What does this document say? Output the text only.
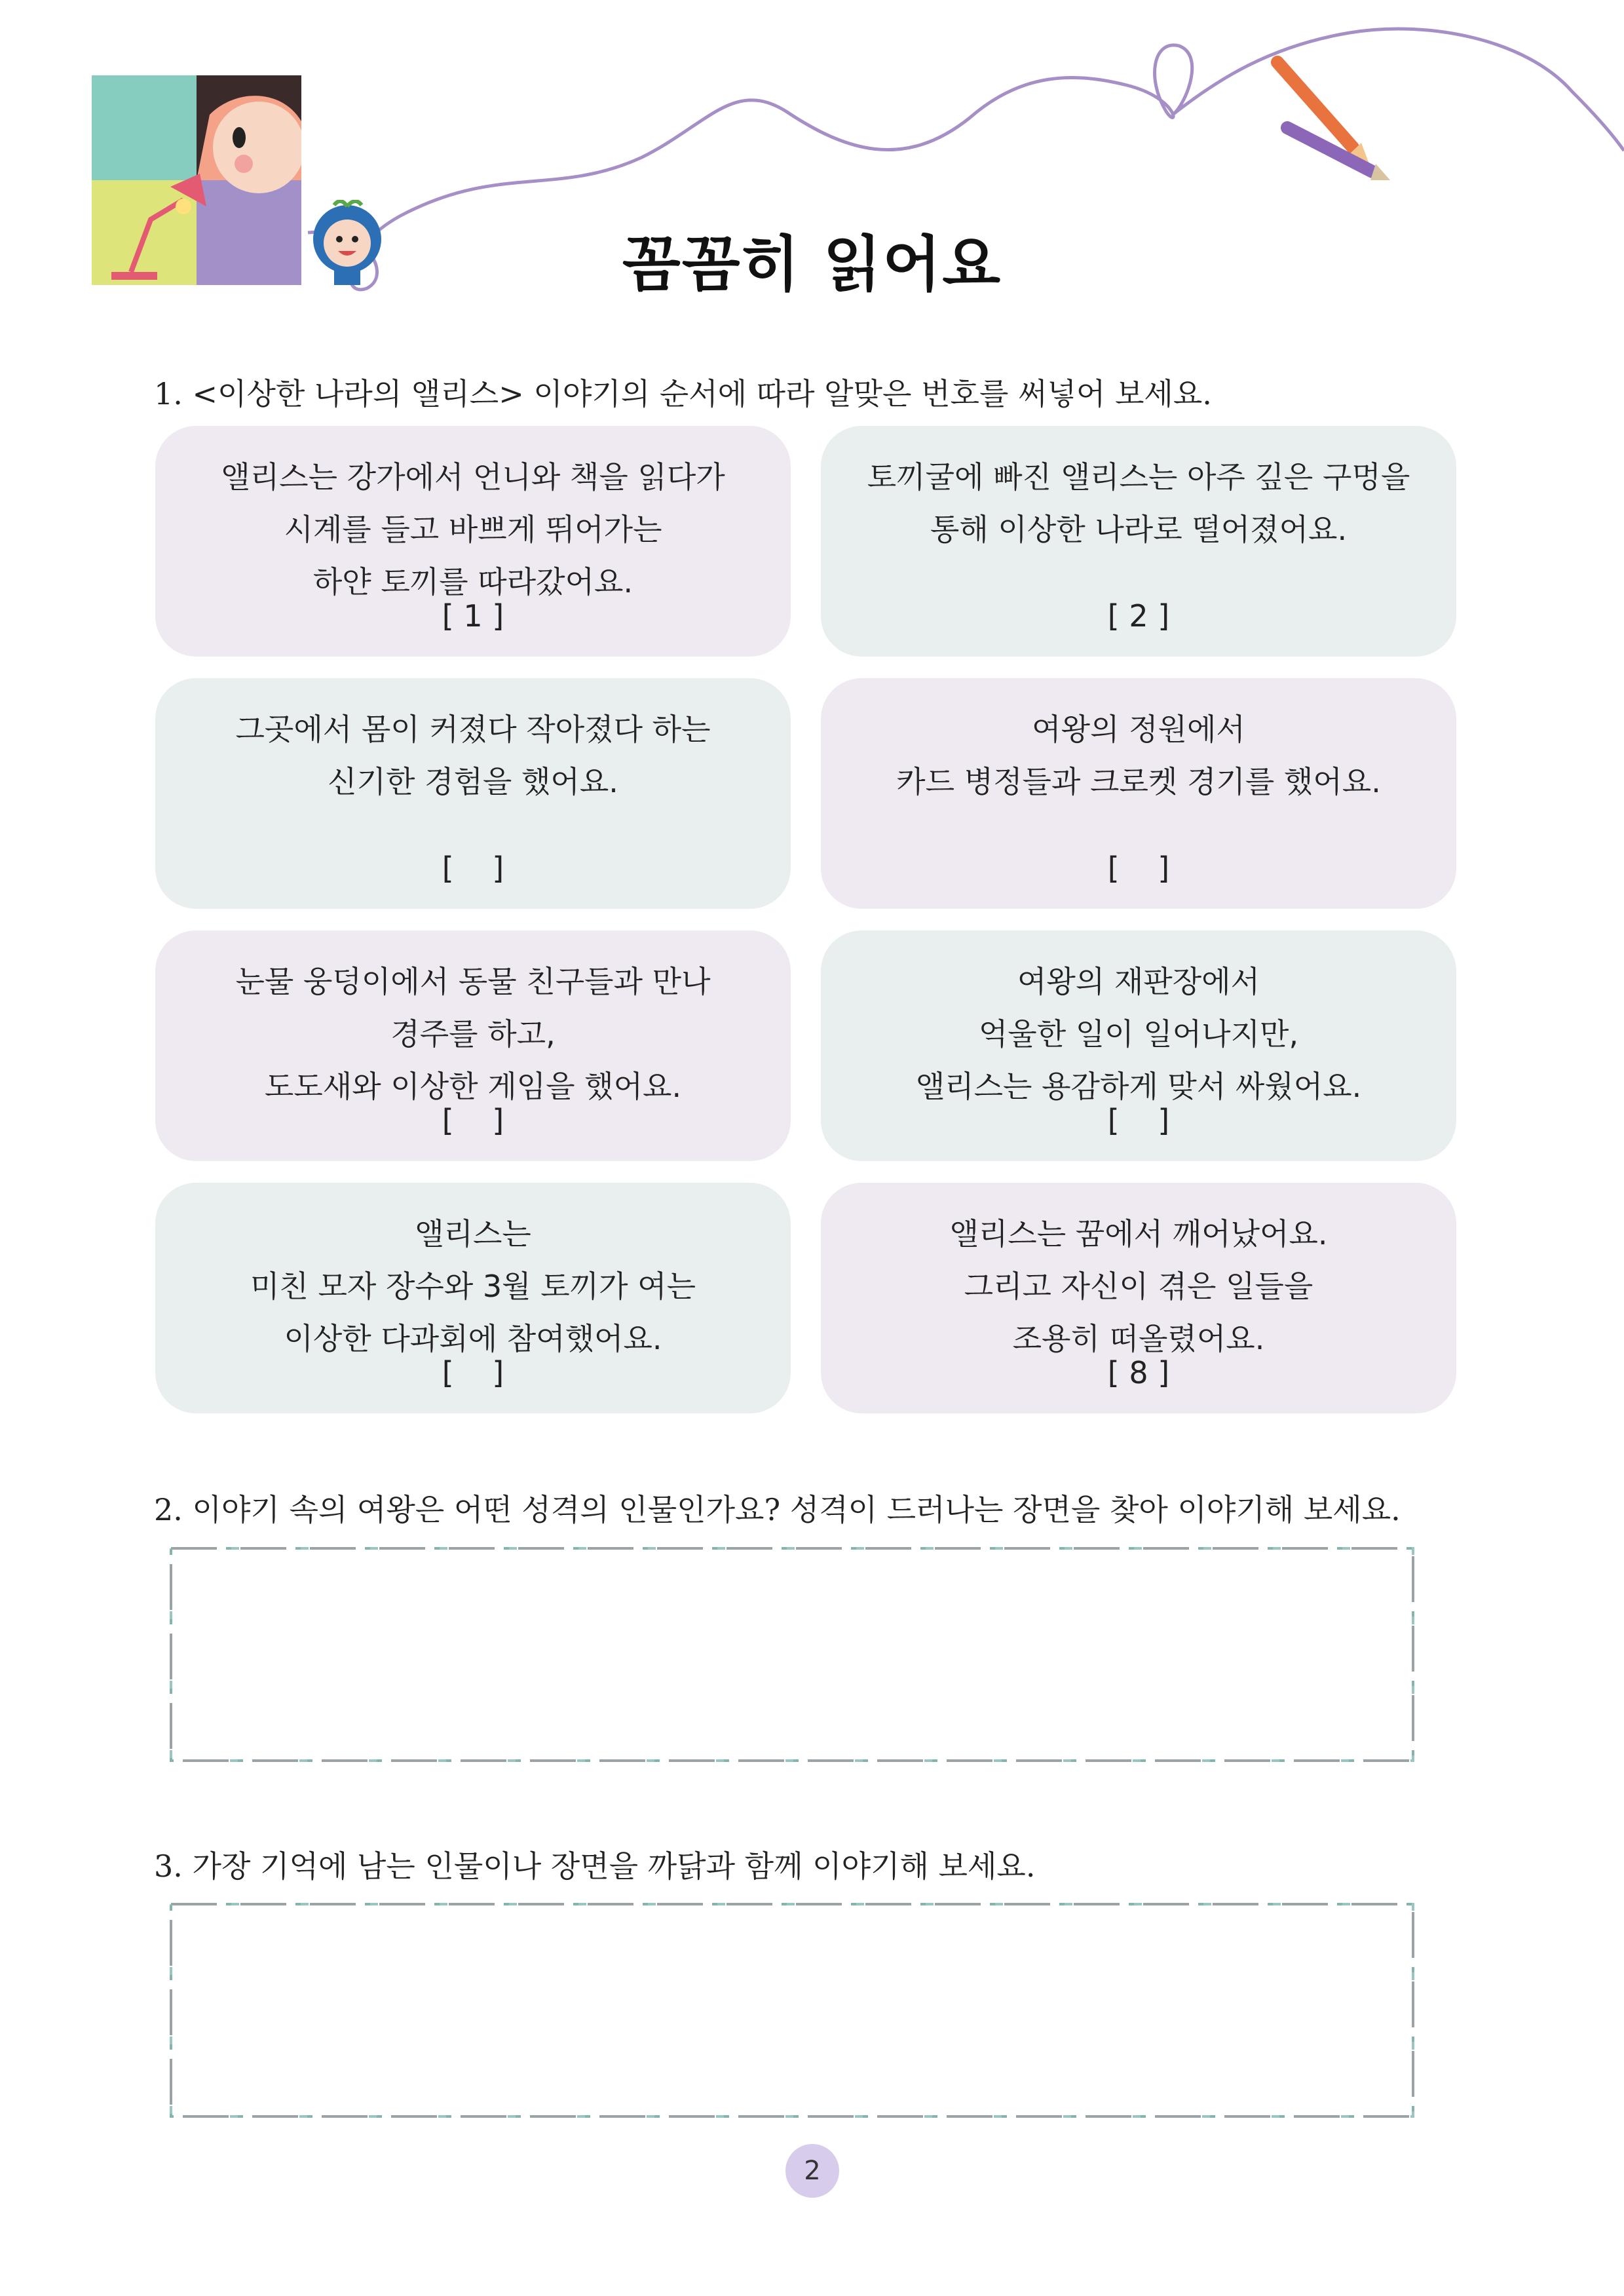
꼼꼼히 읽어요
1. <이상한 나라의 앨리스> 이야기의 순서에 따라 알맞은 번호를 써넣어 보세요.
앨리스는 강가에서 언니와 책을 읽다가
시계를 들고 바쁘게 뛰어가는
하얀 토끼를 따라갔어요.
[ 1 ]
토끼굴에 빠진 앨리스는 아주 깊은 구멍을
통해 이상한 나라로 떨어졌어요.
[ 2 ]
그곳에서 몸이 커졌다 작아졌다 하는
신기한 경험을 했어요.
[    ]
여왕의 정원에서
카드 병정들과 크로켓 경기를 했어요.
[    ]
눈물 웅덩이에서 동물 친구들과 만나
경주를 하고,
도도새와 이상한 게임을 했어요.
[    ]
여왕의 재판장에서
억울한 일이 일어나지만,
앨리스는 용감하게 맞서 싸웠어요.
[    ]
앨리스는
미친 모자 장수와 3월 토끼가 여는
이상한 다과회에 참여했어요.
[    ]
앨리스는 꿈에서 깨어났어요.
그리고 자신이 겪은 일들을
조용히 떠올렸어요.
[ 8 ]
2. 이야기 속의 여왕은 어떤 성격의 인물인가요? 성격이 드러나는 장면을 찾아 이야기해 보세요.
3. 가장 기억에 남는 인물이나 장면을 까닭과 함께 이야기해 보세요.
2
